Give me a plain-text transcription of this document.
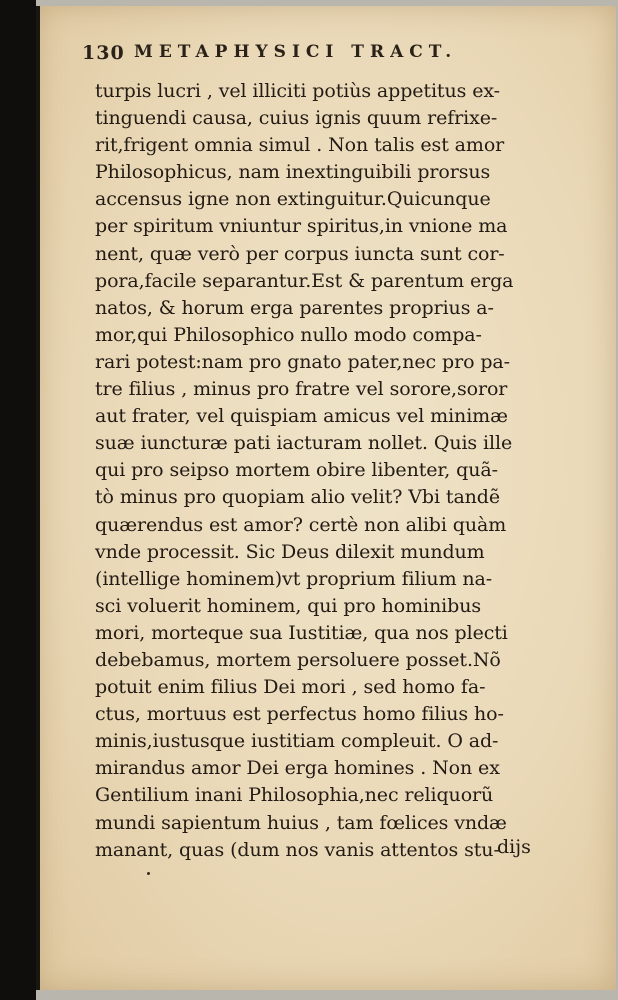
130 METAPHYSICI TRACT.
turpis lucri , vel illiciti potiùs appetitus ex-
tinguendi causa, cuius ignis quum refrixe-
rit,frigent omnia simul . Non talis est amor
Philosophicus, nam inextinguibili prorsus
accensus igne non extinguitur.Quicunque
per spiritum vniuntur spiritus,in vnione ma
nent, quæ verò per corpus iuncta sunt cor-
pora,facile separantur.Est & parentum erga
natos, & horum erga parentes proprius a-
mor,qui Philosophico nullo modo compa-
rari potest:nam pro gnato pater,nec pro pa-
tre filius , minus pro fratre vel sorore,soror
aut frater, vel quispiam amicus vel minimæ
suæ iuncturæ pati iacturam nollet. Quis ille
qui pro seipso mortem obire libenter, quã-
tò minus pro quopiam alio velit? Vbi tandẽ
quærendus est amor? certè non alibi quàm
vnde processit. Sic Deus dilexit mundum
(intellige hominem)vt proprium filium na-
sci voluerit hominem, qui pro hominibus
mori, morteque sua Iustitiæ, qua nos plecti
debebamus, mortem persoluere posset.Nõ
potuit enim filius Dei mori , sed homo fa-
ctus, mortuus est perfectus homo filius ho-
minis,iustusque iustitiam compleuit. O ad-
mirandus amor Dei erga homines . Non ex
Gentilium inani Philosophia,nec reliquorũ
mundi sapientum huius , tam fœlices vndæ
manant, quas (dum nos vanis attentos stu-
dijs
